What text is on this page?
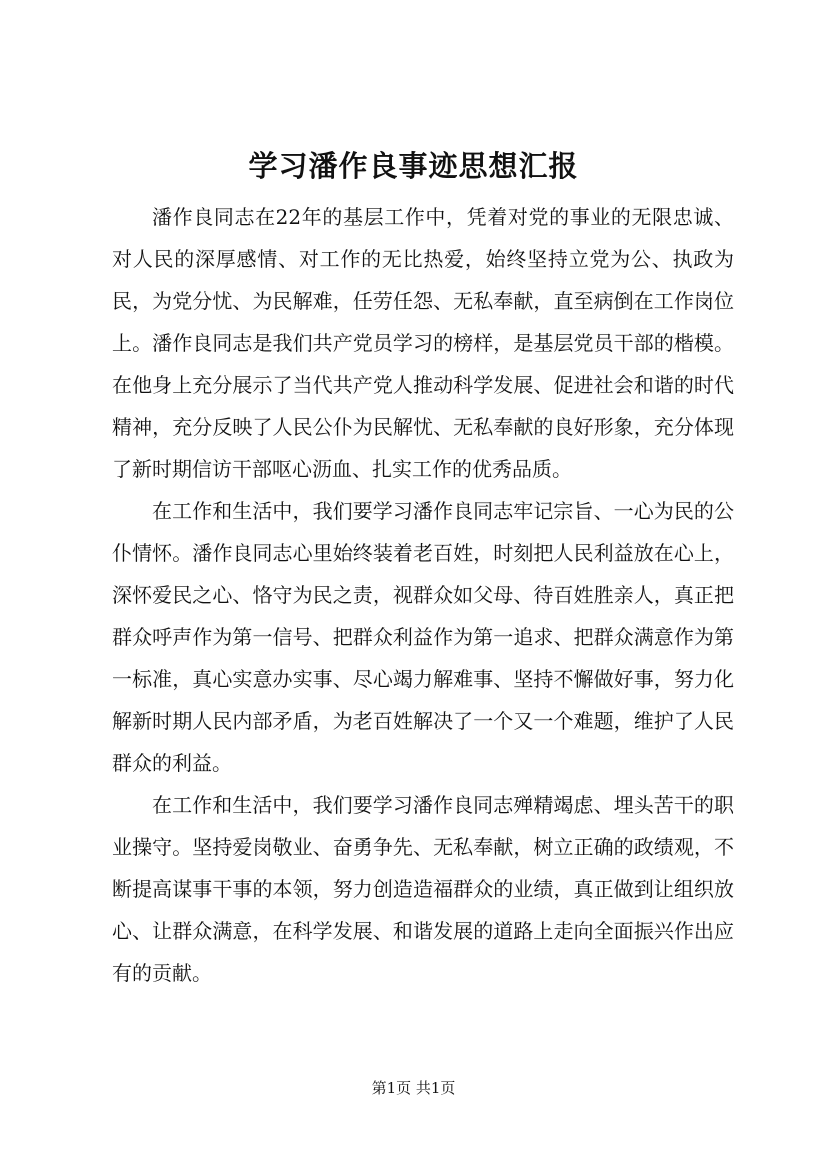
学习潘作良事迹思想汇报

潘作良同志在22年的基层工作中，凭着对党的事业的无限忠诚、对人民的深厚感情、对工作的无比热爱，始终坚持立党为公、执政为民，为党分忧、为民解难，任劳任怨、无私奉献，直至病倒在工作岗位上。潘作良同志是我们共产党员学习的榜样，是基层党员干部的楷模。在他身上充分展示了当代共产党人推动科学发展、促进社会和谐的时代精神，充分反映了人民公仆为民解忧、无私奉献的良好形象，充分体现了新时期信访干部呕心沥血、扎实工作的优秀品质。

在工作和生活中，我们要学习潘作良同志牢记宗旨、一心为民的公仆情怀。潘作良同志心里始终装着老百姓，时刻把人民利益放在心上，深怀爱民之心、恪守为民之责，视群众如父母、待百姓胜亲人，真正把群众呼声作为第一信号、把群众利益作为第一追求、把群众满意作为第一标准，真心实意办实事、尽心竭力解难事、坚持不懈做好事，努力化解新时期人民内部矛盾，为老百姓解决了一个又一个难题，维护了人民群众的利益。

在工作和生活中，我们要学习潘作良同志殚精竭虑、埋头苦干的职业操守。坚持爱岗敬业、奋勇争先、无私奉献，树立正确的政绩观，不断提高谋事干事的本领，努力创造造福群众的业绩，真正做到让组织放心、让群众满意，在科学发展、和谐发展的道路上走向全面振兴作出应有的贡献。

第1页 共1页
